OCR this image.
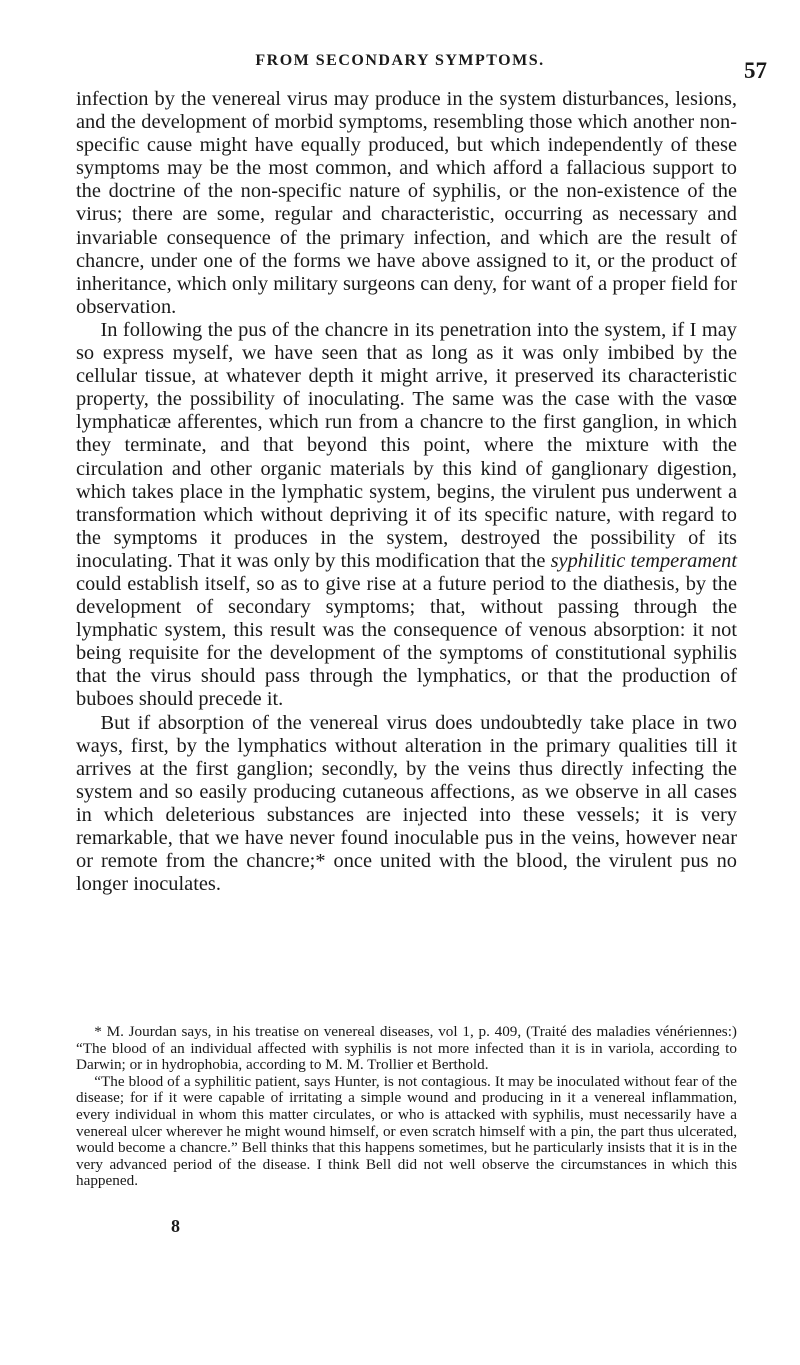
FROM SECONDARY SYMPTOMS.	57

infection by the venereal virus may produce in the system disturbances, lesions, and the development of morbid symptoms, resembling those which another non-specific cause might have equally produced, but which independently of these symptoms may be the most common, and which afford a fallacious support to the doctrine of the non-specific nature of syphilis, or the non-existence of the virus; there are some, regular and characteristic, occurring as necessary and invariable consequence of the primary infection, and which are the result of chancre, under one of the forms we have above assigned to it, or the product of inheritance, which only military surgeons can deny, for want of a proper field for observation.

In following the pus of the chancre in its penetration into the system, if I may so express myself, we have seen that as long as it was only imbibed by the cellular tissue, at whatever depth it might arrive, it preserved its characteristic property, the possibility of inoculating. The same was the case with the vasœ lymphaticæ afferentes, which run from a chancre to the first ganglion, in which they terminate, and that beyond this point, where the mixture with the circulation and other organic materials by this kind of ganglionary digestion, which takes place in the lymphatic system, begins, the virulent pus underwent a transformation which without depriving it of its specific nature, with regard to the symptoms it produces in the system, destroyed the possibility of its inoculating. That it was only by this modification that the syphilitic temperament could establish itself, so as to give rise at a future period to the diathesis, by the development of secondary symptoms; that, without passing through the lymphatic system, this result was the consequence of venous absorption: it not being requisite for the development of the symptoms of constitutional syphilis that the virus should pass through the lymphatics, or that the production of buboes should precede it.

But if absorption of the venereal virus does undoubtedly take place in two ways, first, by the lymphatics without alteration in the primary qualities till it arrives at the first ganglion; secondly, by the veins thus directly infecting the system and so easily producing cutaneous affections, as we observe in all cases in which deleterious substances are injected into these vessels; it is very remarkable, that we have never found inoculable pus in the veins, however near or remote from the chancre;* once united with the blood, the virulent pus no longer inoculates.

* M. Jourdan says, in his treatise on venereal diseases, vol 1, p. 409, (Traité des maladies vénériennes:) “The blood of an individual affected with syphilis is not more infected than it is in variola, according to Darwin; or in hydrophobia, according to M. M. Trollier et Berthold.

“The blood of a syphilitic patient, says Hunter, is not contagious. It may be inoculated without fear of the disease; for if it were capable of irritating a simple wound and producing in it a venereal inflammation, every individual in whom this matter circulates, or who is attacked with syphilis, must necessarily have a venereal ulcer wherever he might wound himself, or even scratch himself with a pin, the part thus ulcerated, would become a chancre.” Bell thinks that this happens sometimes, but he particularly insists that it is in the very advanced period of the disease. I think Bell did not well observe the circumstances in which this happened.

8
